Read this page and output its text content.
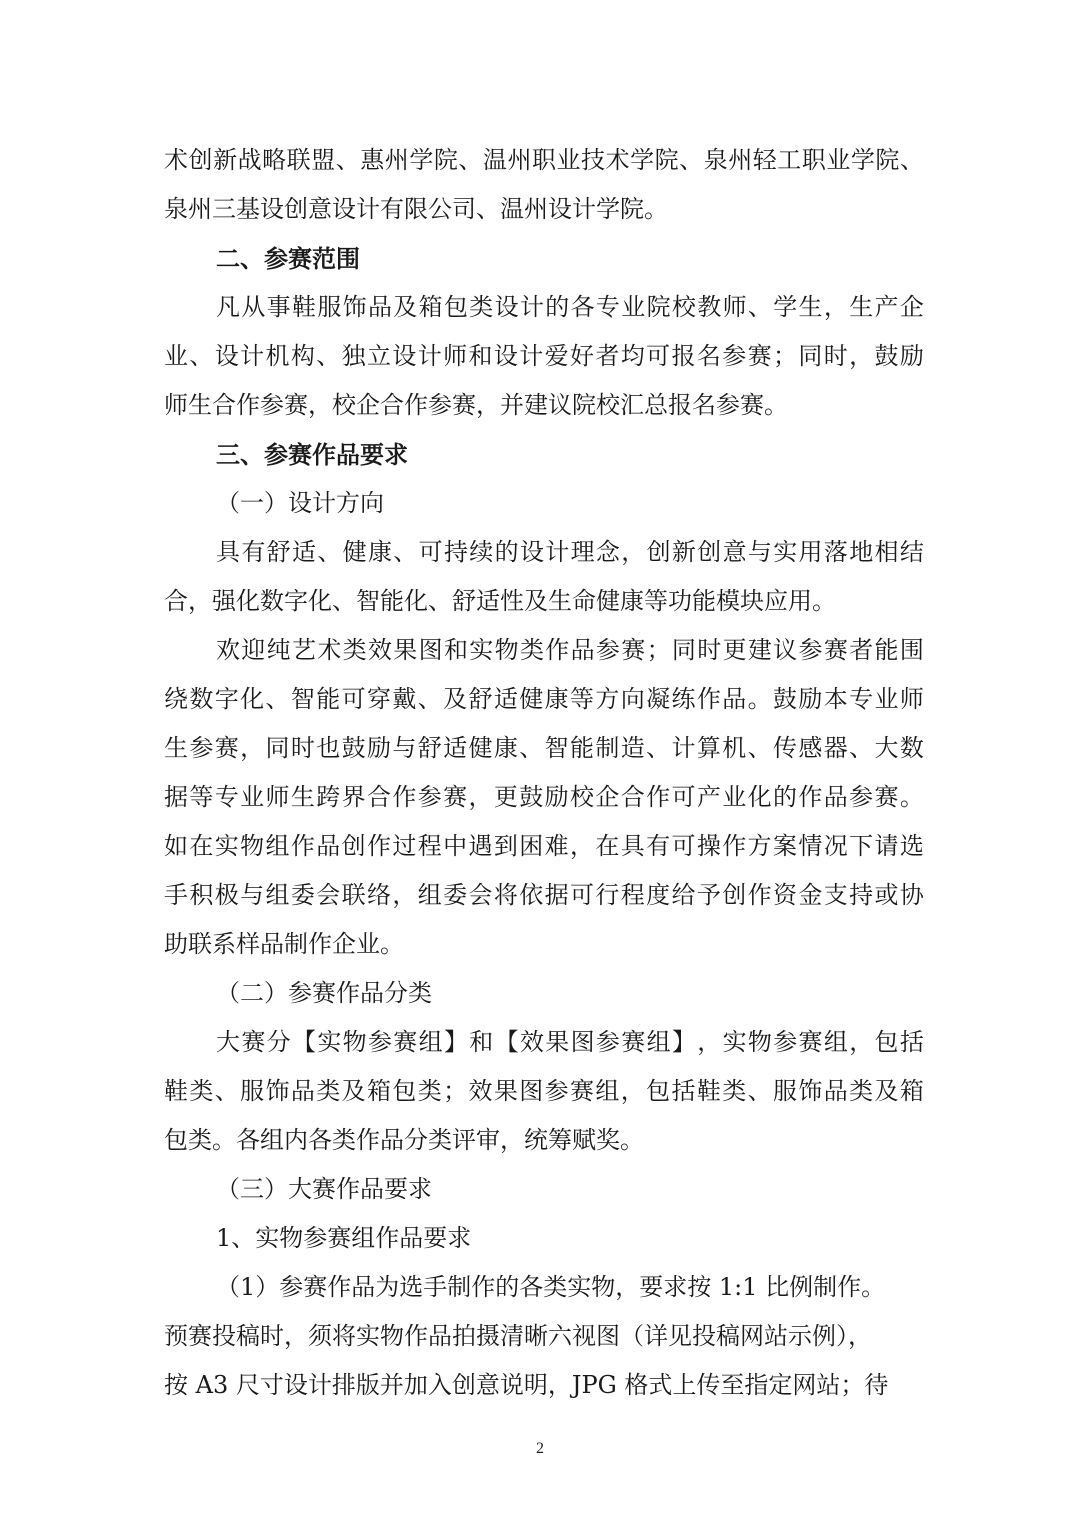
术 创 新 战 略 联 盟 、 惠 州 学 院 、 温 州 职 业 技 术 学 院 、 泉 州 轻 工 职 业 学 院 、
泉州三基设创意设计有限公司、温州设计学院。
二、参赛范围
凡 从 事 鞋 服 饰 品 及 箱 包 类 设 计 的 各 专 业 院 校 教 师 、 学 生 ， 生 产 企
业 、 设 计 机 构 、 独 立 设 计 师 和 设 计 爱 好 者 均 可 报 名 参 赛 ； 同 时 ， 鼓 励
师生合作参赛，校企合作参赛，并建议院校汇总报名参赛。
三、参赛作品要求
（一）设计方向
具 有 舒 适 、 健 康 、 可 持 续 的 设 计 理 念 ， 创 新 创 意 与 实 用 落 地 相 结
合，强化数字化、智能化、舒适性及生命健康等功能模块应用。
欢 迎 纯 艺 术 类 效 果 图 和 实 物 类 作 品 参 赛 ； 同 时 更 建 议 参 赛 者 能 围
绕 数 字 化 、 智 能 可 穿 戴 、 及 舒 适 健 康 等 方 向 凝 练 作 品 。 鼓 励 本 专 业 师
生 参 赛 ， 同 时 也 鼓 励 与 舒 适 健 康 、 智 能 制 造 、 计 算 机 、 传 感 器 、 大 数
据 等 专 业 师 生 跨 界 合 作 参 赛 ， 更 鼓 励 校 企 合 作 可 产 业 化 的 作 品 参 赛 。
如 在 实 物 组 作 品 创 作 过 程 中 遇 到 困 难 ， 在 具 有 可 操 作 方 案 情 况 下 请 选
手 积 极 与 组 委 会 联 络 ， 组 委 会 将 依 据 可 行 程 度 给 予 创 作 资 金 支 持 或 协
助联系样品制作企业。
（二）参赛作品分类
大 赛 分 【 实 物 参 赛 组 】 和 【 效 果 图 参 赛 组 】 ， 实 物 参 赛 组 ， 包 括
鞋 类 、 服 饰 品 类 及 箱 包 类 ； 效 果 图 参 赛 组 ， 包 括 鞋 类 、 服 饰 品 类 及 箱
包类。各组内各类作品分类评审，统筹赋奖。
（三）大赛作品要求
1、实物参赛组作品要求
（1）参赛作品为选手制作的各类实物，要求按 1:1 比例制作。
预赛投稿时，须将实物作品拍摄清晰六视图（详见投稿网站示例），
按 A3 尺寸设计排版并加入创意说明，JPG 格式上传至指定网站；待
2
